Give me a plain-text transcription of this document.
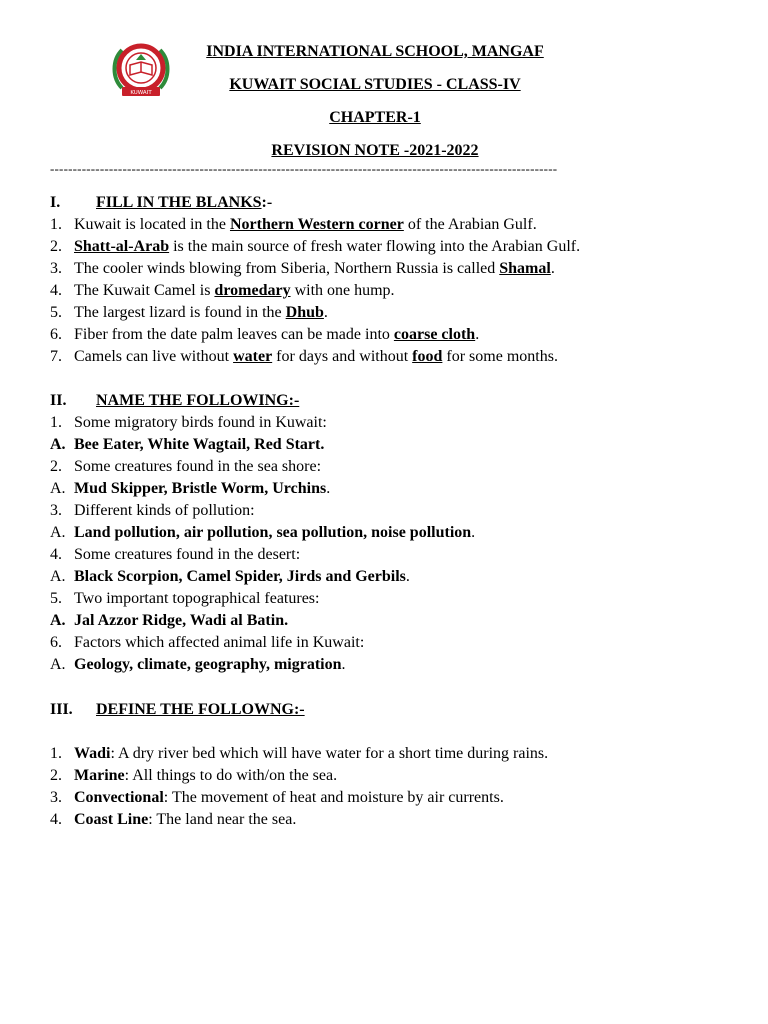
KUWAIT
INDIA INTERNATIONAL SCHOOL, MANGAF
KUWAIT SOCIAL STUDIES - CLASS-IV
CHAPTER-1
REVISION NOTE -2021-2022
----------------------------------------------------------------------------------------------------------------
I. FILL IN THE BLANKS:-
1. Kuwait is located in the Northern Western corner of the Arabian Gulf.
2. Shatt-al-Arab is the main source of fresh water flowing into the Arabian Gulf.
3. The cooler winds blowing from Siberia, Northern Russia is called Shamal.
4. The Kuwait Camel is dromedary with one hump.
5. The largest lizard is found in the Dhub.
6. Fiber from the date palm leaves can be made into coarse cloth.
7. Camels can live without water for days and without food for some months.
II. NAME THE FOLLOWING:-
1. Some migratory birds found in Kuwait:
A. Bee Eater, White Wagtail, Red Start.
2. Some creatures found in the sea shore:
A. Mud Skipper, Bristle Worm, Urchins.
3. Different kinds of pollution:
A. Land pollution, air pollution, sea pollution, noise pollution.
4. Some creatures found in the desert:
A. Black Scorpion, Camel Spider, Jirds and Gerbils.
5. Two important topographical features:
A. Jal Azzor Ridge, Wadi al Batin.
6. Factors which affected animal life in Kuwait:
A. Geology, climate, geography, migration.
III. DEFINE THE FOLLOWNG:-
1. Wadi: A dry river bed which will have water for a short time during rains.
2. Marine: All things to do with/on the sea.
3. Convectional: The movement of heat and moisture by air currents.
4. Coast Line: The land near the sea.
